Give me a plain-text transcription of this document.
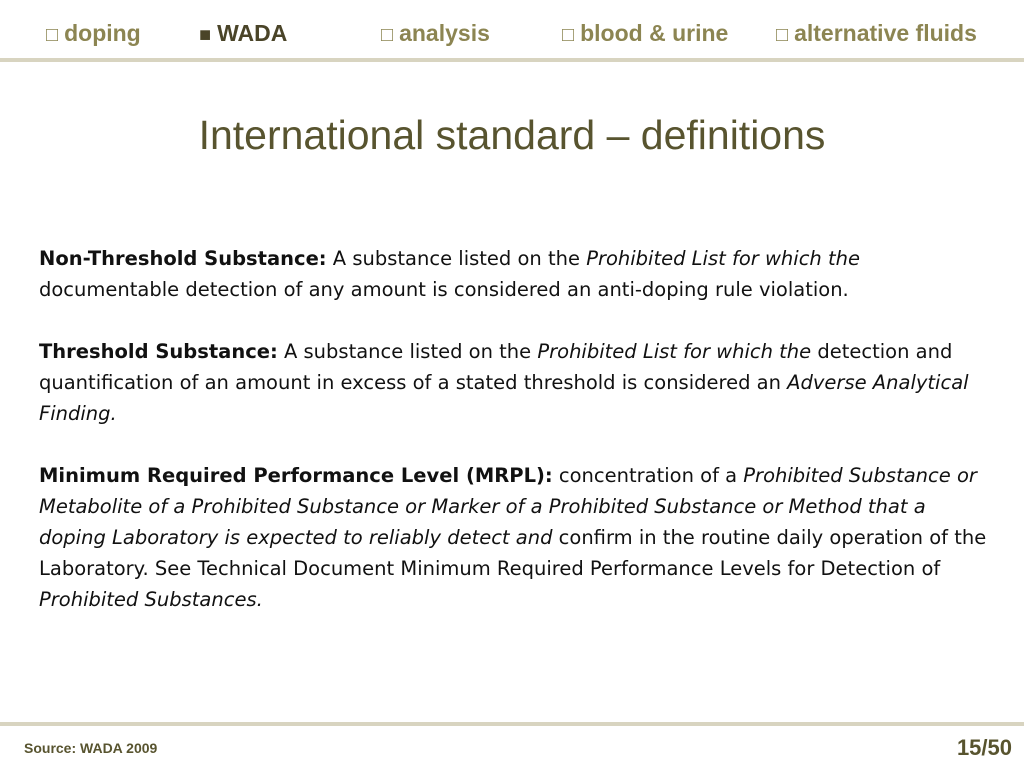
□ doping	■ WADA	□ analysis	□ blood & urine □ alternative fluids
International standard – definitions

Non-Threshold Substance: A substance listed on the Prohibited List for which the documentable detection of any amount is considered an anti-doping rule violation.

Threshold Substance: A substance listed on the Prohibited List for which the detection and quantification of an amount in excess of a stated threshold is considered an Adverse Analytical Finding.

Minimum Required Performance Level (MRPL): concentration of a Prohibited Substance or Metabolite of a Prohibited Substance or Marker of a Prohibited Substance or Method that a doping Laboratory is expected to reliably detect and confirm in the routine daily operation of the Laboratory. See Technical Document Minimum Required Performance Levels for Detection of Prohibited Substances.

Source: WADA 2009	15/50
